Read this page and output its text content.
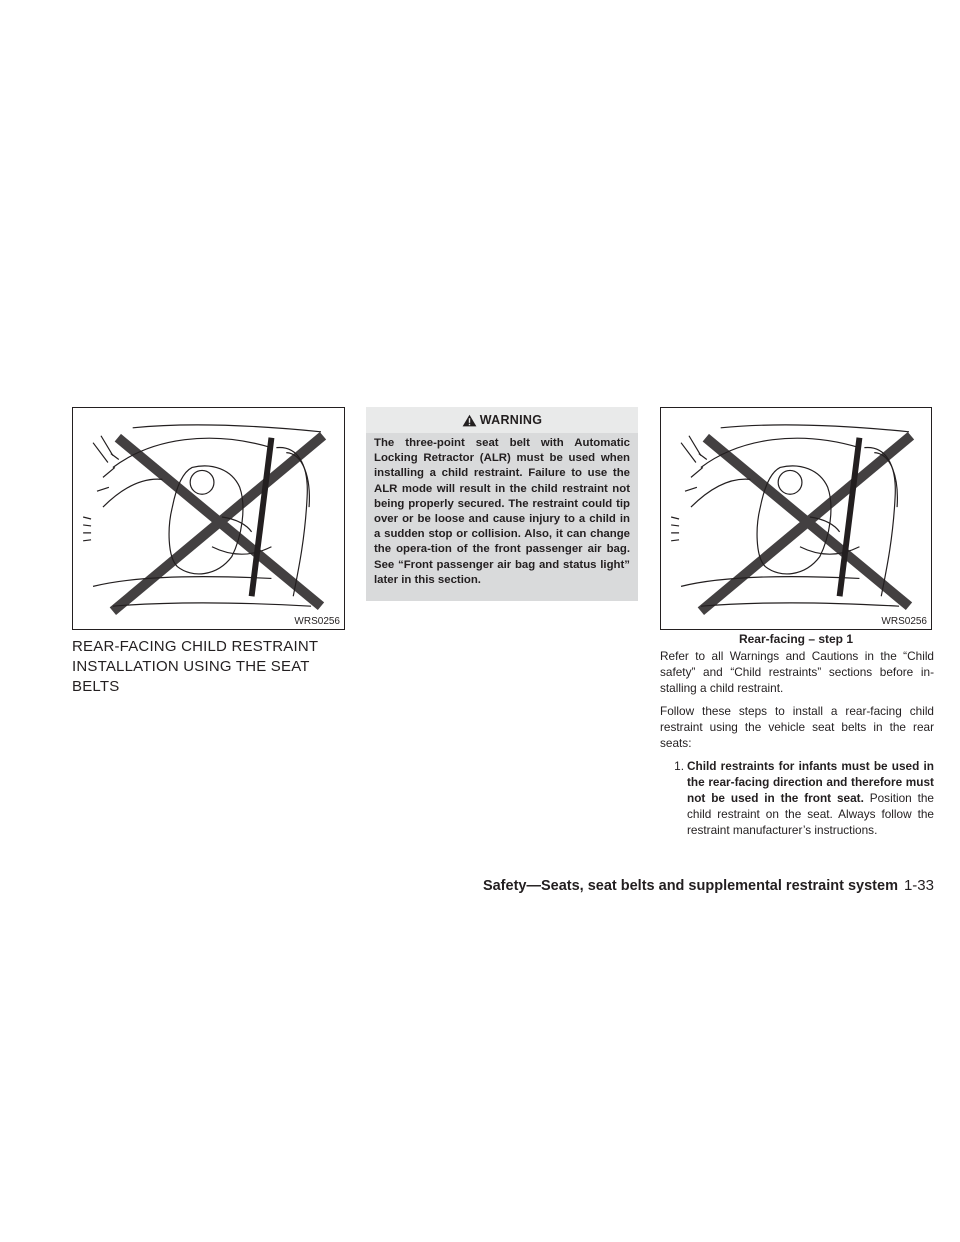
WRS0256
REAR-FACING CHILD RESTRAINT INSTALLATION USING THE SEAT BELTS
WARNING
The three-point seat belt with Automatic Locking Retractor (ALR) must be used when installing a child restraint. Failure to use the ALR mode will result in the child restraint not being properly secured. The restraint could tip over or be loose and cause injury to a child in a sudden stop or collision. Also, it can change the opera-tion of the front passenger air bag. See “Front passenger air bag and status light” later in this section.
WRS0256
Rear-facing – step 1

Refer to all Warnings and Cautions in the “Child safety” and “Child restraints” sections before in-stalling a child restraint.

Follow these steps to install a rear-facing child restraint using the vehicle seat belts in the rear seats:

1. Child restraints for infants must be used in the rear-facing direction and therefore must not be used in the front seat. Position the child restraint on the seat. Always follow the restraint manufacturer’s instructions.
Safety—Seats, seat belts and supplemental restraint system 1-33
